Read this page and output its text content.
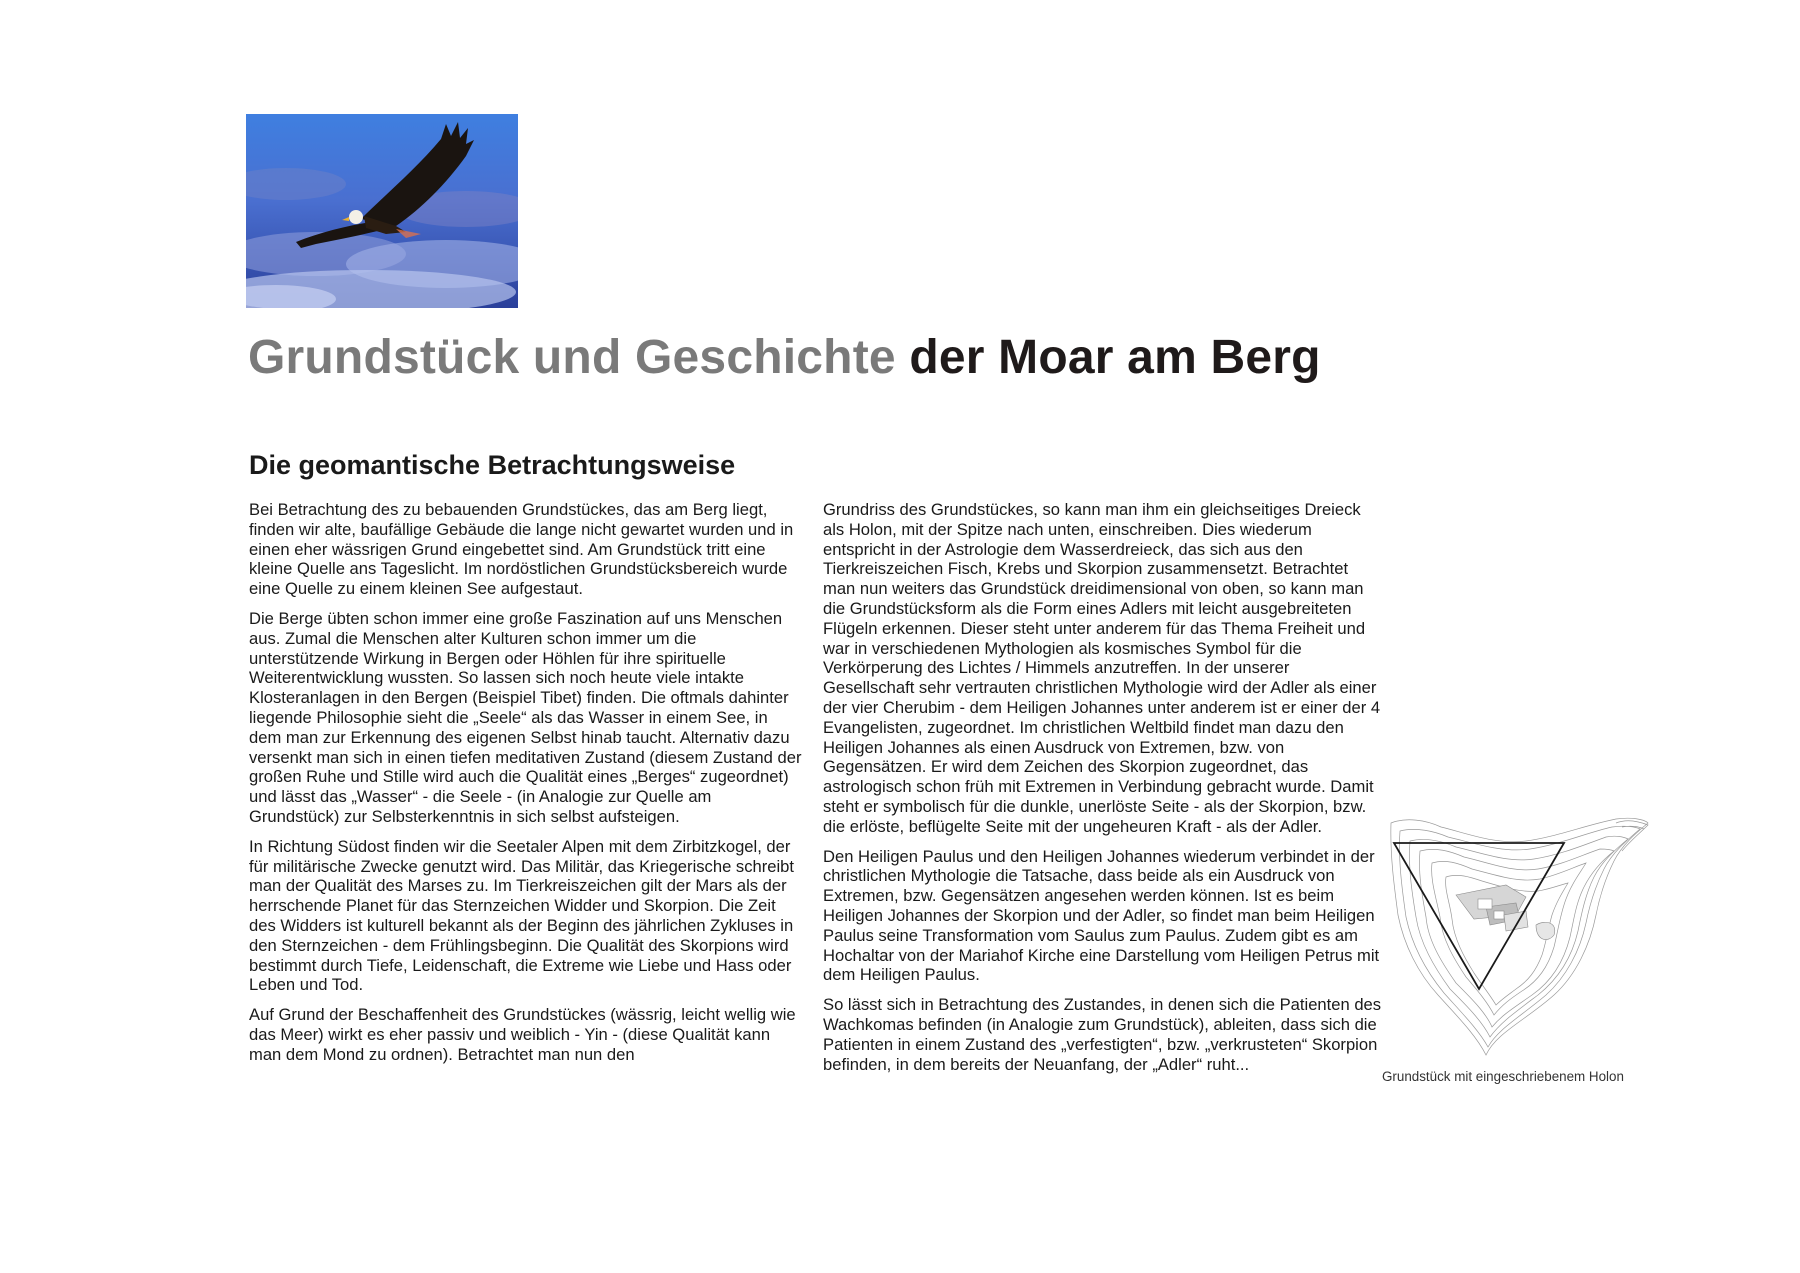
Grundstück und Geschichte der Moar am Berg
Die geomantische Betrachtungsweise

Bei Betrachtung des zu bebauenden Grundstückes, das am Berg liegt, finden wir alte, baufällige Gebäude die lange nicht gewartet wurden und in einen eher wässrigen Grund eingebettet sind. Am Grundstück tritt eine kleine Quelle ans Tageslicht. Im nordöstlichen Grundstücksbereich wurde eine Quelle zu einem kleinen See aufgestaut.

Die Berge übten schon immer eine große Faszination auf uns Menschen aus. Zumal die Menschen alter Kulturen schon immer um die unterstützende Wirkung in Bergen oder Höhlen für ihre spirituelle Weiterentwicklung wussten. So lassen sich noch heute viele intakte Klosteranlagen in den Bergen (Beispiel Tibet) finden. Die oftmals dahinter liegende Philosophie sieht die „Seele“ als das Wasser in einem See, in dem man zur Erkennung des eigenen Selbst hinab taucht. Alternativ dazu versenkt man sich in einen tiefen meditativen Zustand (diesem Zustand der großen Ruhe und Stille wird auch die Qualität eines „Berges“ zugeordnet) und lässt das „Wasser“ - die Seele - (in Analogie zur Quelle am Grundstück) zur Selbsterkenntnis in sich selbst aufsteigen.

In Richtung Südost finden wir die Seetaler Alpen mit dem Zirbitzkogel, der für militärische Zwecke genutzt wird. Das Militär, das Kriegerische schreibt man der Qualität des Marses zu. Im Tierkreiszeichen gilt der Mars als der herrschende Planet für das Sternzeichen Widder und Skorpion. Die Zeit des Widders ist kulturell bekannt als der Beginn des jährlichen Zykluses in den Sternzeichen - dem Frühlingsbeginn. Die Qualität des Skorpions wird bestimmt durch Tiefe, Leidenschaft, die Extreme wie Liebe und Hass oder Leben und Tod.

Auf Grund der Beschaffenheit des Grundstückes (wässrig, leicht wellig wie das Meer) wirkt es eher passiv und weiblich - Yin - (diese Qualität kann man dem Mond zu ordnen). Betrachtet man nun den

Grundriss des Grundstückes, so kann man ihm ein gleichseitiges Dreieck als Holon, mit der Spitze nach unten, einschreiben. Dies wiederum entspricht in der Astrologie dem Wasserdreieck, das sich aus den Tierkreiszeichen Fisch, Krebs und Skorpion zusammensetzt. Betrachtet man nun weiters das Grundstück dreidimensional von oben, so kann man die Grundstücksform als die Form eines Adlers mit leicht ausgebreiteten Flügeln erkennen. Dieser steht unter anderem für das Thema Freiheit und war in verschiedenen Mythologien als kosmisches Symbol für die Verkörperung des Lichtes / Himmels anzutreffen. In der unserer Gesellschaft sehr vertrauten christlichen Mythologie wird der Adler als einer der vier Cherubim - dem Heiligen Johannes unter anderem ist er einer der 4 Evangelisten, zugeordnet. Im christlichen Weltbild findet man dazu den Heiligen Johannes als einen Ausdruck von Extremen, bzw. von Gegensätzen. Er wird dem Zeichen des Skorpion zugeordnet, das astrologisch schon früh mit Extremen in Verbindung gebracht wurde. Damit steht er symbolisch für die dunkle, unerlöste Seite - als der Skorpion, bzw. die erlöste, beflügelte Seite mit der ungeheuren Kraft - als der Adler.

Den Heiligen Paulus und den Heiligen Johannes wiederum verbindet in der christlichen Mythologie die Tatsache, dass beide als ein Ausdruck von Extremen, bzw. Gegensätzen angesehen werden können. Ist es beim Heiligen Johannes der Skorpion und der Adler, so findet man beim Heiligen Paulus seine Transformation vom Saulus zum Paulus. Zudem gibt es am Hochaltar von der Mariahof Kirche eine Darstellung vom Heiligen Petrus mit dem Heiligen Paulus.

So lässt sich in Betrachtung des Zustandes, in denen sich die Patienten des Wachkomas befinden (in Analogie zum Grundstück), ableiten, dass sich die Patienten in einem Zustand des „verfestigten“, bzw. „verkrusteten“ Skorpion befinden, in dem bereits der Neuanfang, der „Adler“ ruht...

Grundstück mit eingeschriebenem Holon
